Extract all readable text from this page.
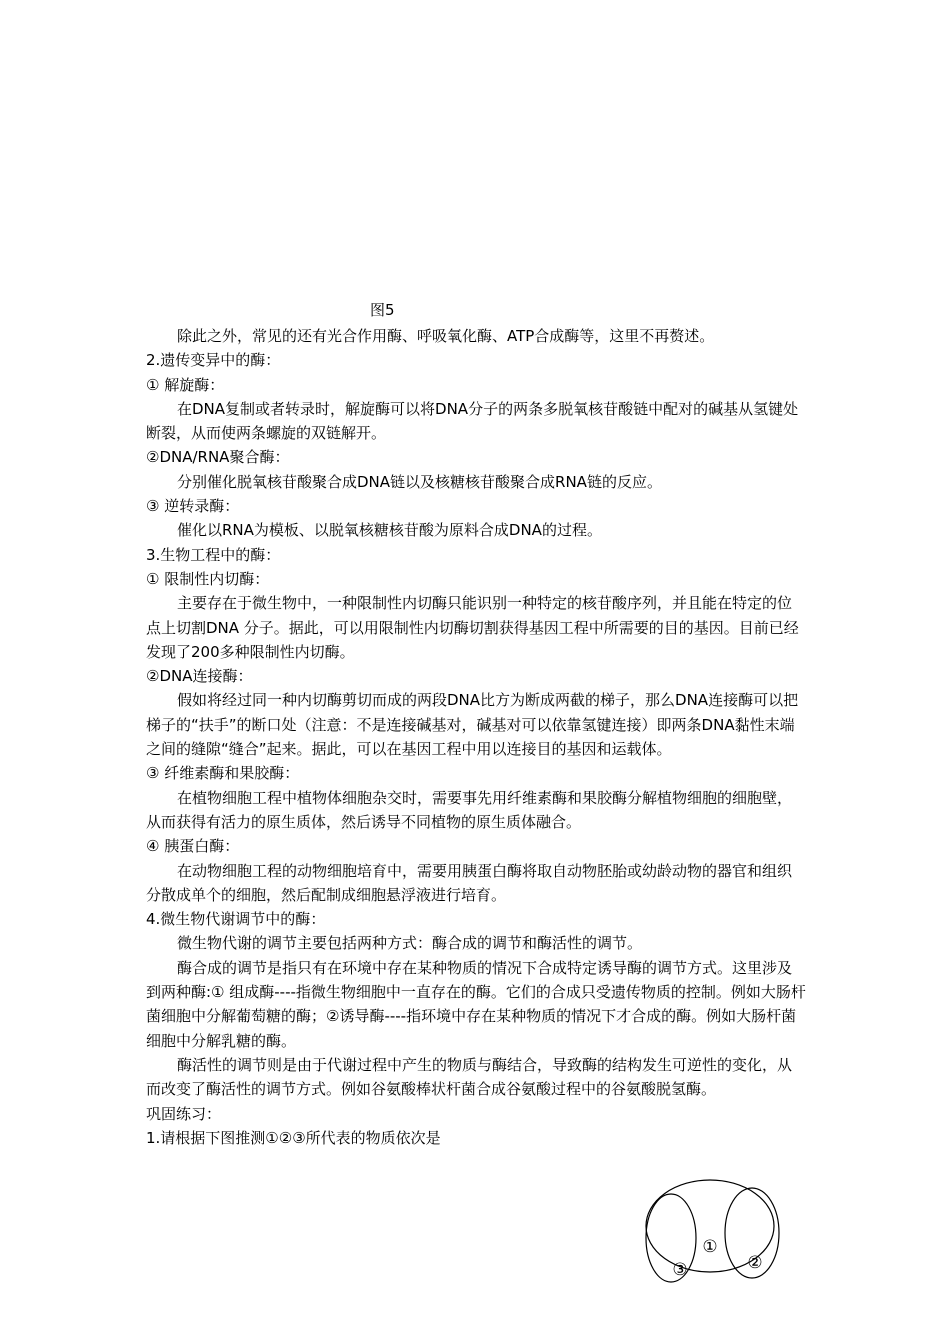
图5

除此之外，常见的还有光合作用酶、呼吸氧化酶、ATP合成酶等，这里不再赘述。

2.遗传变异中的酶：

① 解旋酶：

在DNA复制或者转录时，解旋酶可以将DNA分子的两条多脱氧核苷酸链中配对的碱基从氢键处断裂，从而使两条螺旋的双链解开。

②DNA/RNA聚合酶：

分别催化脱氧核苷酸聚合成DNA链以及核糖核苷酸聚合成RNA链的反应。

③ 逆转录酶：

催化以RNA为模板、以脱氧核糖核苷酸为原料合成DNA的过程。

3.生物工程中的酶：

① 限制性内切酶：

主要存在于微生物中，一种限制性内切酶只能识别一种特定的核苷酸序列，并且能在特定的位点上切割DNA 分子。据此，可以用限制性内切酶切割获得基因工程中所需要的目的基因。目前已经发现了200多种限制性内切酶。

②DNA连接酶：

假如将经过同一种内切酶剪切而成的两段DNA比方为断成两截的梯子，那么DNA连接酶可以把梯子的“扶手”的断口处（注意：不是连接碱基对，碱基对可以依靠氢键连接）即两条DNA黏性末端之间的缝隙“缝合”起来。据此，可以在基因工程中用以连接目的基因和运载体。

③ 纤维素酶和果胶酶：

在植物细胞工程中植物体细胞杂交时，需要事先用纤维素酶和果胶酶分解植物细胞的细胞壁，从而获得有活力的原生质体，然后诱导不同植物的原生质体融合。

④ 胰蛋白酶：

在动物细胞工程的动物细胞培育中，需要用胰蛋白酶将取自动物胚胎或幼龄动物的器官和组织分散成单个的细胞，然后配制成细胞悬浮液进行培育。

4.微生物代谢调节中的酶：

微生物代谢的调节主要包括两种方式：酶合成的调节和酶活性的调节。

酶合成的调节是指只有在环境中存在某种物质的情况下合成特定诱导酶的调节方式。这里涉及到两种酶:① 组成酶----指微生物细胞中一直存在的酶。它们的合成只受遗传物质的控制。例如大肠杆菌细胞中分解葡萄糖的酶；②诱导酶----指环境中存在某种物质的情况下才合成的酶。例如大肠杆菌细胞中分解乳糖的酶。

酶活性的调节则是由于代谢过程中产生的物质与酶结合，导致酶的结构发生可逆性的变化，从而改变了酶活性的调节方式。例如谷氨酸棒状杆菌合成谷氨酸过程中的谷氨酸脱氢酶。

巩固练习：

1.请根据下图推测①②③所代表的物质依次是

①
②
③
